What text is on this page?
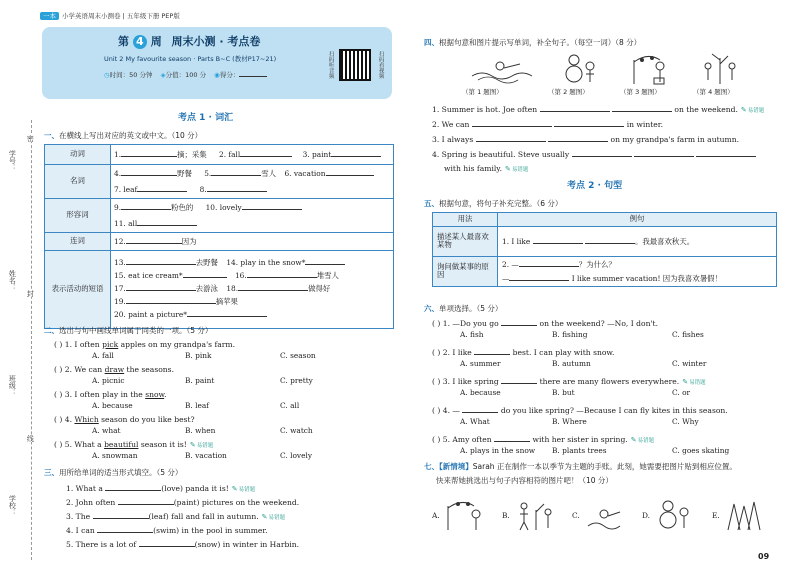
一本 小学英语周末小测卷 | 五年级下册 PEP版
学号：
姓名：
班级：
学校：
密
封
线
第 4 周 周末小测 · 考点卷
Unit 2 My favourite season · Parts B~C (教材P17~21)
◷时间：50 分钟 ◈分值：100 分 ◉得分：	扫码听音频	扫码看视频
考点 1 · 词汇
一、在横线上写出对应的英文或中文。（10 分）
动词	1. 摘；采集 2. fall 3. paint
名词	4. 野餐 5. 雪人 6. vacation
7. leaf 8.

形容词	9. 粉色的 10. lovely
11. all

连词	12. 因为
表示活动的短语	13. 去野餐 14. play in the snow*
15. eat ice cream* 16. 堆雪人
17. 去游泳 18. 做得好
19. 摘苹果
20. paint a picture*
二、选出与句中画线单词属于同类的一项。（5 分）
( ) 1. I often pick apples on my grandpa's farm.
A. fall	B. pink	C. season
( ) 2. We can draw the seasons.
A. picnic	B. paint	C. pretty
( ) 3. I often play in the snow.
A. because	B. leaf	C. all
( ) 4. Which season do you like best?
A. what	B. when	C. watch
( ) 5. What a beautiful season it is! ✎ 易错题
A. snowman	B. vacation	C. lovely
三、用所给单词的适当形式填空。（5 分）
1. What a	(love) panda it is! ✎ 易错题
2. John often	(paint) pictures on the weekend.
3. The	(leaf) fall and fall in autumn. ✎ 易错题
4. I can	(swim) in the pool in summer.
5. There is a lot of	(snow) in winter in Harbin.
四、根据句意和图片提示写单词，补全句子。（每空一词）（8 分）
（第 1 题图）	（第 2 题图）	（第 3 题图）	（第 4 题图）
1. Summer is hot. Joe often	on the weekend. ✎ 易错题
2. We can	in winter.
3. I always	on my grandpa's farm in autumn.
4. Spring is beautiful. Steve usually
with his family. ✎ 易错题
考点 2 · 句型
五、根据句意，将句子补充完整。（6 分）
用法	例句
描述某人最喜欢某物	1. I like 。我最喜欢秋天。
询问做某事的原因	2. — ？为什么？
— I like summer vacation! 因为我喜欢暑假！
六、单项选择。（5 分）
( ) 1. —Do you go	on the weekend? —No, I don't.
A. fish	B. fishing	C. fishes
( ) 2. I like	best. I can play with snow.
A. summer	B. autumn	C. winter
( ) 3. I like spring	there are many flowers everywhere. ✎ 易错题
A. because	B. but	C. or
( ) 4. —	do you like spring? —Because I can fly kites in this season.
A. What	B. Where	C. Why
( ) 5. Amy often	with her sister in spring. ✎ 易错题
A. plays in the snow B. plants trees	C. goes skating
七、【新情境】Sarah 正在制作一本以季节为主题的手账。此刻，她需要把图片贴到相应位置。
快来帮她挑选出与句子内容相符的图片吧！（10 分）
A.	B.	C.	D.	E.
09
